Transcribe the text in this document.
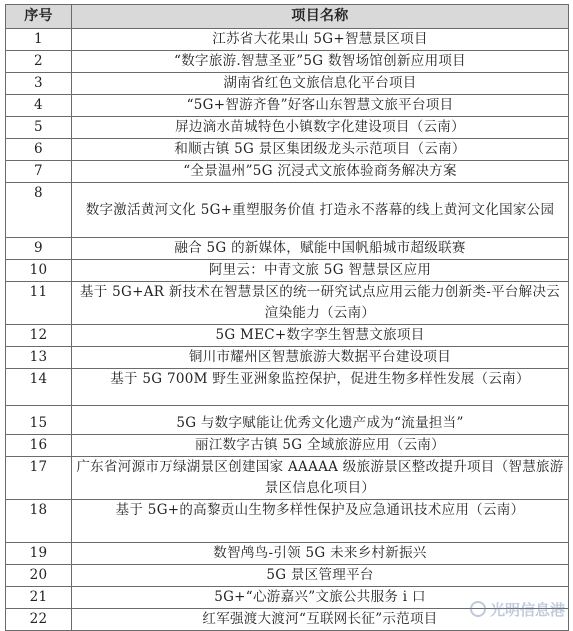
序号	项目名称
1	江苏省大花果山 5G+智慧景区项目
2	“数字旅游.智慧圣亚”5G 数智场馆创新应用项目
3	湖南省红色文旅信息化平台项目
4	“5G+智游齐鲁”好客山东智慧文旅平台项目
5	屏边滴水苗城特色小镇数字化建设项目（云南）
6	和顺古镇 5G 景区集团级龙头示范项目（云南）
7	“全景温州”5G 沉浸式文旅体验商务解决方案
8	数字激活黄河文化 5G+重塑服务价值 打造永不落幕的线上黄河文化国家公园
9	融合 5G 的新媒体，赋能中国帆船城市超级联赛
10	阿里云：中青文旅 5G 智慧景区应用
11	基于 5G+AR 新技术在智慧景区的统一研究试点应用云能力创新类-平台解决云渲染能力（云南）
12	5G MEC+数字孪生智慧文旅项目
13	铜川市耀州区智慧旅游大数据平台建设项目
14	基于 5G 700M 野生亚洲象监控保护，促进生物多样性发展（云南）
15	5G 与数字赋能让优秀文化遗产成为“流量担当”
16	丽江数字古镇 5G 全域旅游应用（云南）
17	广东省河源市万绿湖景区创建国家 AAAAA 级旅游景区整改提升项目（智慧旅游景区信息化项目）
18	基于 5G+的高黎贡山生物多样性保护及应急通讯技术应用（云南）
19	数智鸬鸟-引领 5G 未来乡村新振兴
20	5G 景区管理平台
21	5G+“心游嘉兴”文旅公共服务 i 口
22	红军强渡大渡河“互联网长征”示范项目	光明信息港
